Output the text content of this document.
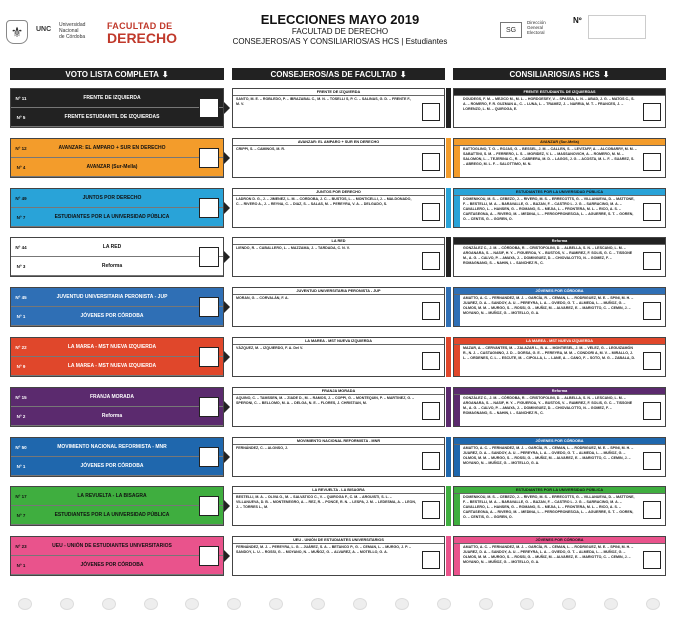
⚜	UNC
Universidad
Nacional
de Córdoba
FACULTAD DE
DERECHO
ELECCIONES MAYO 2019
FACULTAD DE DERECHO
CONSEJEROS/AS Y CONSILIARIOS/AS HCS | Estudiantes
SG
Dirección
General
Electoral
Nº
VOTO LISTA COMPLETA ⬇	CONSEJEROS/AS DE FACULTAD ⬇	CONSILIARIOS/AS HCS ⬇
Nº 11	FRENTE DE IZQUIERDA
Nº 5	FRENTE ESTUDIANTIL DE IZQUIERDAS
FRENTE DE IZQUIERDA
SANTO, M. E. – ROBLEDO, P. – IBRAZABAL C., M. N. – TOSELLI S, P. C. – SALINAS, G. D. – FRENTE F., M. V.
FRENTE ESTUDIANTIL DE IZQUIERDAS
DOUDEGS, F. M. – MEJICO M., M. L. – HORDOESEY, V. – SPASSA, L. N. – ABAD, J. G. – MATOS C., S. A. – ROMERO, F. R. GUZMAN A., C. – LUNA, L. – TRAMEZ, J. – NARRIA, M. T. – FRANCES, J. – LORENZO, L. M. – QUIROGA, E.
Nº 12	AVANZAR: EL AMPARO + SUR EN DERECHO
Nº 4	AVANZAR (Sur-Mella)
AVANZAR: EL AMPARO + SUR EN DERECHO
CRIPPI, S. – CAMINOS, M. R.
AVANZAR (Sur-Mella)
BATTOGLINO, T. G. – ROJAS, G. – BESSEL, J. M. – CALLEN, S. – LEVITAFF, A. – ALCOBARRY, M. M. – SABATTINI, S. M. – FERRERO, L. S. – MORIDEZ, V. L. – MASSANOVICH, A. – ROMERO, M. M. – SALOMON, L. – TEJERINA C., R. – CABRERA, M. D. – LAGOS, J. G. – ACOSTA, M. L. F. – SUAREZ, S. – ABREGO, M. L. F. – SALOTTIMO, M. N.
Nº 49	JUNTOS POR DERECHO
Nº 7	ESTUDIANTES POR LA UNIVERSIDAD PÚBLICA
JUNTOS POR DERECHO
LADRON D. G., J. – JIMENEZ, L. M. – CORDOBA, J. C. – BUSTOS, L. – MONTICELLI, J. – MALDONADO, C. – RIVERO A., J. – REYNA, C. – DIAZ, S. – SALAS, M. – PEREYRA, V. A. – DELGADO, S.
ESTUDIANTES POR LA UNIVERSIDAD PÚBLICA
DOMENIKOU, M. S. – CEBEZO, J. – RIVERO, M. S. – ERRECOTTS, G. – VILLANUEVA, D. – MATTONE, F. – BESTELLI, M. A. – BARAVALLE, G. – BAZAN, F. – CASTRO L. J. G. – SARRACINO, M. A. – CAVALLERO, L. – HANSEN, G. – ROMANO, S. – MEJIA, L. – FRONTERA, M. L. – RICO, A. S. – CARTASEGNA, A. – RIVERO, M. – MEDINA, L. – PERGOPRONESCIA, L. – AGUERRE, S. T. – GOREN, O. – CENTIS, G. – GOREN, O.
Nº 44	LA RED
Nº 3	Reforma
LA RED
LIENDO, R. – CABALLERO, L. – MAZZAMA, J. – TARDADA, C. N. V.
Reforma
GONZÁLEZ C., J. M. – CÓRDOBA, R. – CRISTOFOLINI, D. – ALBELLA, S. N. – LESCANO, L. M. – ARGANARA, S. – NASIF, H. Y. – FIGUEROA, Y. – BUSTOS, V. – RAMIREZ, F. SOLIS, G. C. – TISSONE M., A. G. – CALVO, P. – AMAYA, J. – DOMINGUEZ, D. – CHIOVALOTTO, N. – GOMEZ, F. – ROMAGNANO, S. – NAHIN, I. – SANCHEZ R., C.
Nº 45	JUVENTUD UNIVERSITARIA PERONISTA - JUP
Nº 1	JÓVENES POR CÓRDOBA
JUVENTUD UNIVERSITARIA PERONISTA - JUP
MORAN, G. – CORVALÁN, F. A.
JÓVENES POR CÓRDOBA
AMATTO, A. C. – FERNANDEZ, M. J. – GARCÍA, R. – CEMAN, L. – RODRIGUEZ, M. E. – SPINI, M. H. – JUAREZ, D. A. – SANDOY, A. U. – PEREYRA, L. A. – OVIEDO, G. T. – ALMEDA, L. – MUÑOZ, G. – OLMOS, M. M. – MURGO, S. – ROSSI, G. – MUÑIZ, M. – ALVAREZ, E. – MARIOTTO, C. – CEMIN, J. – MOYANO, N. – MUÑOZ, G. – MOTELLO, G. A.
Nº 22	LA MAREA - MST NUEVA IZQUIERDA
Nº 9	LA MAREA - MST NUEVA IZQUIERDA
LA MAREA - MST NUEVA IZQUIERDA
VÁZQUEZ, M. – IZQUIERDO, F. A. Del V.
LA MAREA - MST NUEVA IZQUIERDA
MAZAR, A. – CERVANTES, M. – ZALAZAR L., B. A. – MONTIESEL, J. M. – VELEZ, G. – LEGUIZAMÓN R., N. J. – CASTAGNINO, J. D. – DORSA, G. E. – PEREYRA, M. M. – CONDORI A, M. V. – MIRALLO, J. L. – ORDENES, C. L. – ESCUTE, M. – CIPOLLA, L. – LANE, A. – CANO, F. – SOTO, M. G. – ZABALA, D.
Nº 15	FRANJA MORADA
Nº 2	Reforma
FRANJA MORADA
AQUINO, C. – TAMSSEN, M. – ZIADE D., M. – RAMOS, J. – COPPI, G. – MONTEQUIN, P. – MARTINEZ, G. – SPERONI, C. – BELLOMO, M. A. – DELGA, N. E. – FLORES, J. CHRISTIAN, M.
Reforma
GONZÁLEZ C., J. M. – CÓRDOBA, R. – CRISTOFOLINI, D. – ALBELLA, S. N. – LESCANO, L. M. – ARGANARA, S. – NASIF, H. Y. – FIGUEROA, Y. – BUSTOS, V. – RAMIREZ, F. SOLIS, G. C. – TISSONE M., A. G. – CALVO, P. – AMAYA, J. – DOMINGUEZ, D. – CHIOVALOTTO, N. – GOMEZ, F. – ROMAGNANO, S. – NAHIN, I. – SANCHEZ R., C.
Nº 50	MOVIMIENTO NACIONAL REFORMISTA - MNR
Nº 1	JÓVENES POR CÓRDOBA
MOVIMIENTO NACIONAL REFORMISTA - MNR
FERNÁNDEZ, C. – ALONSO, J.
JÓVENES POR CÓRDOBA
AMATTO, A. C. – FERNANDEZ, M. J. – GARCÍA, R. – CEMAN, L. – RODRIGUEZ, M. E. – SPINI, M. H. – JUAREZ, D. A. – SANDOY, A. U. – PEREYRA, L. A. – OVIEDO, G. T. – ALMEDA, L. – MUÑOZ, G. – OLMOS, M. M. – MURGO, S. – ROSSI, G. – MUÑIZ, M. – ALVAREZ, E. – MARIOTTO, C. – CEMIN, J. – MOYANO, N. – MUÑOZ, G. – MOTELLO, G. A.
Nº 17	LA REVUELTA - LA BISAGRA
Nº 7	ESTUDIANTES POR LA UNIVERSIDAD PÚBLICA
LA REVUELTA - LA BISAGRA
BESTELLI, M. A. – OLIVA O., M. – SALVATICO C., V. – QUIROGA F., C. M. – ARGUISTI, S. L. – VILLANUEVA, D. B. – MONTENEGRO, A. – REZ, R. – PONCE, R. N. – LESPA, J. M. – LEDESMA, A. – LEON, J. – TORRES L., M.
ESTUDIANTES POR LA UNIVERSIDAD PÚBLICA
DOMENIKOU, M. S. – CEBEZO, J. – RIVERO, M. S. – ERRECOTTS, G. – VILLANUEVA, D. – MATTONE, F. – BESTELLI, M. A. – BARAVALLE, G. – BAZAN, F. – CASTRO L. J. G. – SARRACINO, M. A. – CAVALLERO, L. – HANSEN, G. – ROMANO, S. – MEJIA, L. – FRONTERA, M. L. – RICO, A. S. – CARTASEGNA, A. – RIVERO, M. – MEDINA, L. – PERGOPRONESCIA, L. – AGUERRE, S. T. – GOREN, O. – CENTIS, G. – GOREN, O.
Nº 23	UEU - UNIÓN DE ESTUDIANTES UNIVERSITARIOS
Nº 1	JÓVENES POR CÓRDOBA
UEU - UNIÓN DE ESTUDIANTES UNIVERSITARIOS
FERNÁNDEZ, M. J. – PEREYRA, L. G. – JUÁREZ, S. A. – BETANCO P., G. – CEMAN, L. – MURGO, J. P. – SANDOY, L. U. – ROSSI, G. – MOYANO, N. – MUÑOZ, G. – ALVAREZ, A. – MOTELLO, G. A.
JÓVENES POR CÓRDOBA
AMATTO, A. C. – FERNANDEZ, M. J. – GARCÍA, R. – CEMAN, L. – RODRIGUEZ, M. E. – SPINI, M. H. – JUAREZ, D. A. – SANDOY, A. U. – PEREYRA, L. A. – OVIEDO, G. T. – ALMEDA, L. – MUÑOZ, G. – OLMOS, M. M. – MURGO, S. – ROSSI, G. – MUÑIZ, M. – ALVAREZ, E. – MARIOTTO, C. – CEMIN, J. – MOYANO, N. – MUÑOZ, G. – MOTELLO, G. A.
